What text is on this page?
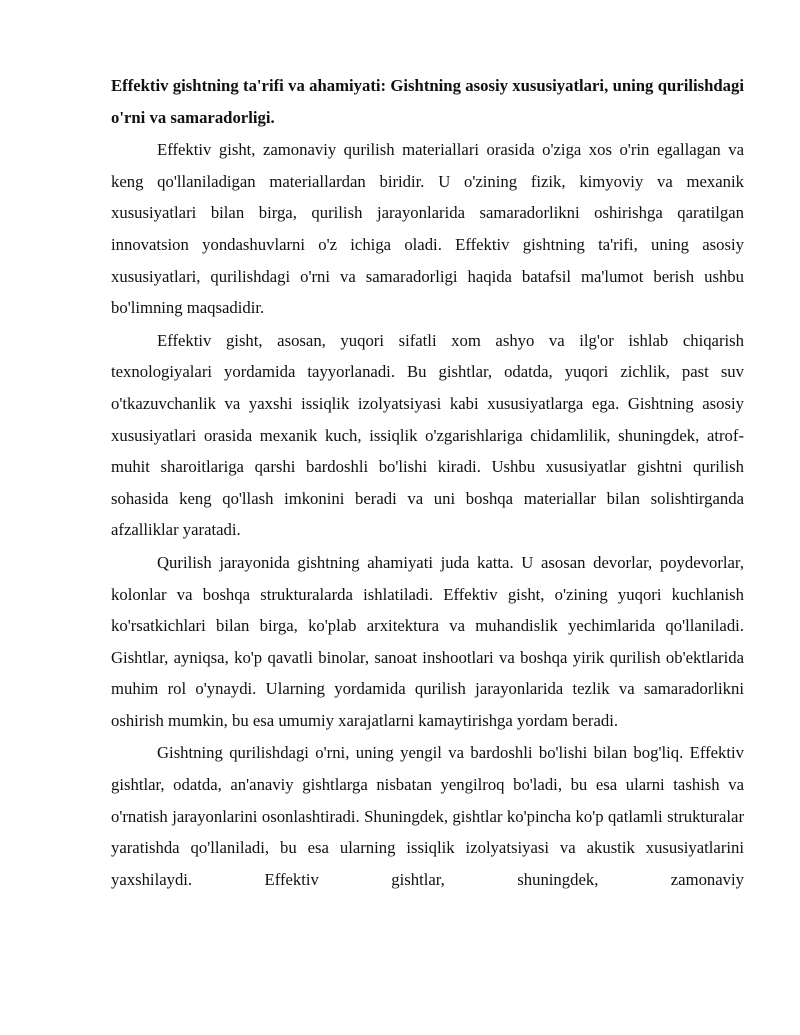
Effektiv gishtning ta'rifi va ahamiyati: Gishtning asosiy xususiyatlari, uning qurilishdagi o'rni va samaradorligi.

Effektiv gisht, zamonaviy qurilish materiallari orasida o'ziga xos o'rin egallagan va keng qo'llaniladigan materiallardan biridir. U o'zining fizik, kimyoviy va mexanik xususiyatlari bilan birga, qurilish jarayonlarida samaradorlikni oshirishga qaratilgan innovatsion yondashuvlarni o'z ichiga oladi. Effektiv gishtning ta'rifi, uning asosiy xususiyatlari, qurilishdagi o'rni va samaradorligi haqida batafsil ma'lumot berish ushbu bo'limning maqsadidir.

Effektiv gisht, asosan, yuqori sifatli xom ashyo va ilg'or ishlab chiqarish texnologiyalari yordamida tayyorlanadi. Bu gishtlar, odatda, yuqori zichlik, past suv o'tkazuvchanlik va yaxshi issiqlik izolyatsiyasi kabi xususiyatlarga ega. Gishtning asosiy xususiyatlari orasida mexanik kuch, issiqlik o'zgarishlariga chidamlilik, shuningdek, atrof-muhit sharoitlariga qarshi bardoshli bo'lishi kiradi. Ushbu xususiyatlar gishtni qurilish sohasida keng qo'llash imkonini beradi va uni boshqa materiallar bilan solishtirganda afzalliklar yaratadi.

Qurilish jarayonida gishtning ahamiyati juda katta. U asosan devorlar, poydevorlar, kolonlar va boshqa strukturalarda ishlatiladi. Effektiv gisht, o'zining yuqori kuchlanish ko'rsatkichlari bilan birga, ko'plab arxitektura va muhandislik yechimlarida qo'llaniladi. Gishtlar, ayniqsa, ko'p qavatli binolar, sanoat inshootlari va boshqa yirik qurilish ob'ektlarida muhim rol o'ynaydi. Ularning yordamida qurilish jarayonlarida tezlik va samaradorlikni oshirish mumkin, bu esa umumiy xarajatlarni kamaytirishga yordam beradi.

Gishtning qurilishdagi o'rni, uning yengil va bardoshli bo'lishi bilan bog'liq. Effektiv gishtlar, odatda, an'anaviy gishtlarga nisbatan yengilroq bo'ladi, bu esa ularni tashish va o'rnatish jarayonlarini osonlashtiradi. Shuningdek, gishtlar ko'pincha ko'p qatlamli strukturalar yaratishda qo'llaniladi, bu esa ularning issiqlik izolyatsiyasi va akustik xususiyatlarini yaxshilaydi. Effektiv gishtlar, shuningdek, zamonaviy
